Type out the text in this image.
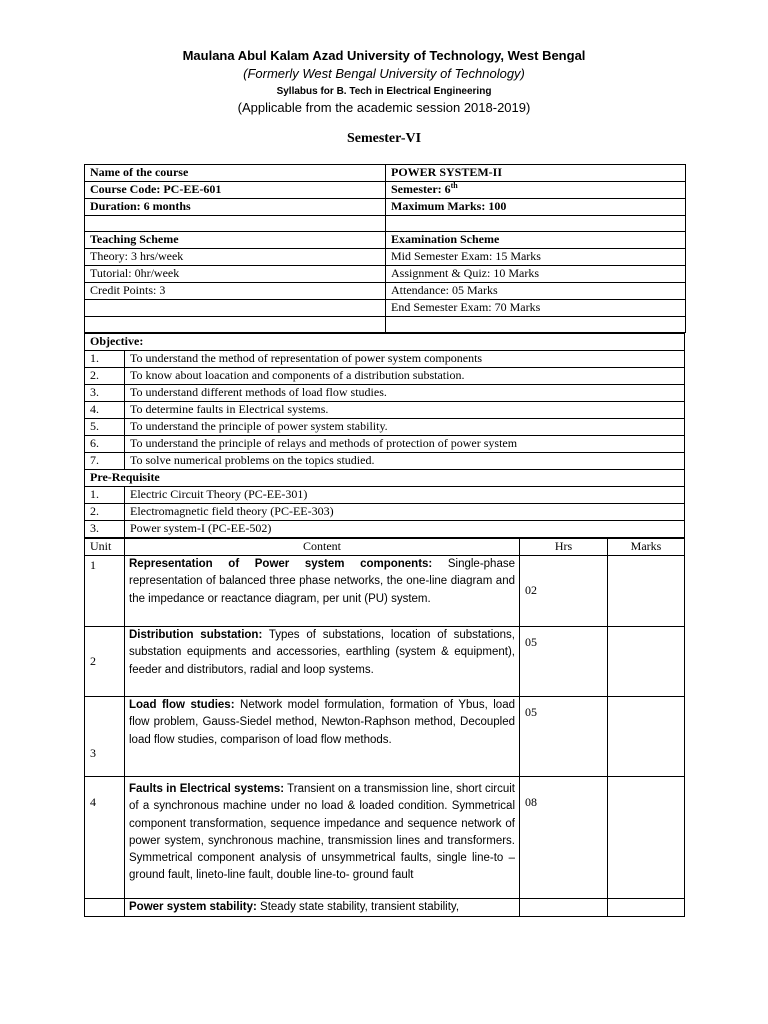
Maulana Abul Kalam Azad University of Technology, West Bengal
(Formerly West Bengal University of Technology)
Syllabus for B. Tech in Electrical Engineering
(Applicable from the academic session 2018-2019)
Semester-VI
Name of the course	POWER SYSTEM-II
Course Code: PC-EE-601	Semester: 6th
Duration: 6 months	Maximum Marks: 100

Teaching Scheme	Examination Scheme
Theory: 3 hrs/week	Mid Semester Exam: 15 Marks
Tutorial: 0hr/week	Assignment & Quiz: 10 Marks
Credit Points: 3	Attendance: 05 Marks
	End Semester Exam: 70 Marks

Objective:	
1.	To understand the method of representation of power system components
2.	To know about loacation and components of a distribution substation.
3.	To understand different methods of load flow studies.
4.	To determine faults in Electrical systems.
5.	To understand the principle of power system stability.
6.	To understand the principle of relays and methods of protection of power system
7.	To solve numerical problems on the topics studied.
Pre-Requisite	
1.	Electric Circuit Theory (PC-EE-301)
2.	Electromagnetic field theory (PC-EE-303)
3.	Power system-I (PC-EE-502)
Unit	Content	Hrs	Marks
1	Representation of Power system components: Single-phase representation of balanced three phase networks, the one-line diagram and the impedance or reactance diagram, per unit (PU) system.	02	
2	Distribution substation: Types of substations, location of substations, substation equipments and accessories, earthling (system & equipment), feeder and distributors, radial and loop systems.	05	
3	Load flow studies: Network model formulation, formation of Ybus, load flow problem, Gauss-Siedel method, Newton-Raphson method, Decoupled load flow studies, comparison of load flow methods.	05	
4	Faults in Electrical systems: Transient on a transmission line, short circuit of a synchronous machine under no load & loaded condition. Symmetrical component transformation, sequence impedance and sequence network of power system, synchronous machine, transmission lines and transformers. Symmetrical component analysis of unsymmetrical faults, single line-to –ground fault, lineto-line fault, double line-to- ground fault	08	
	Power system stability: Steady state stability, transient stability,		
